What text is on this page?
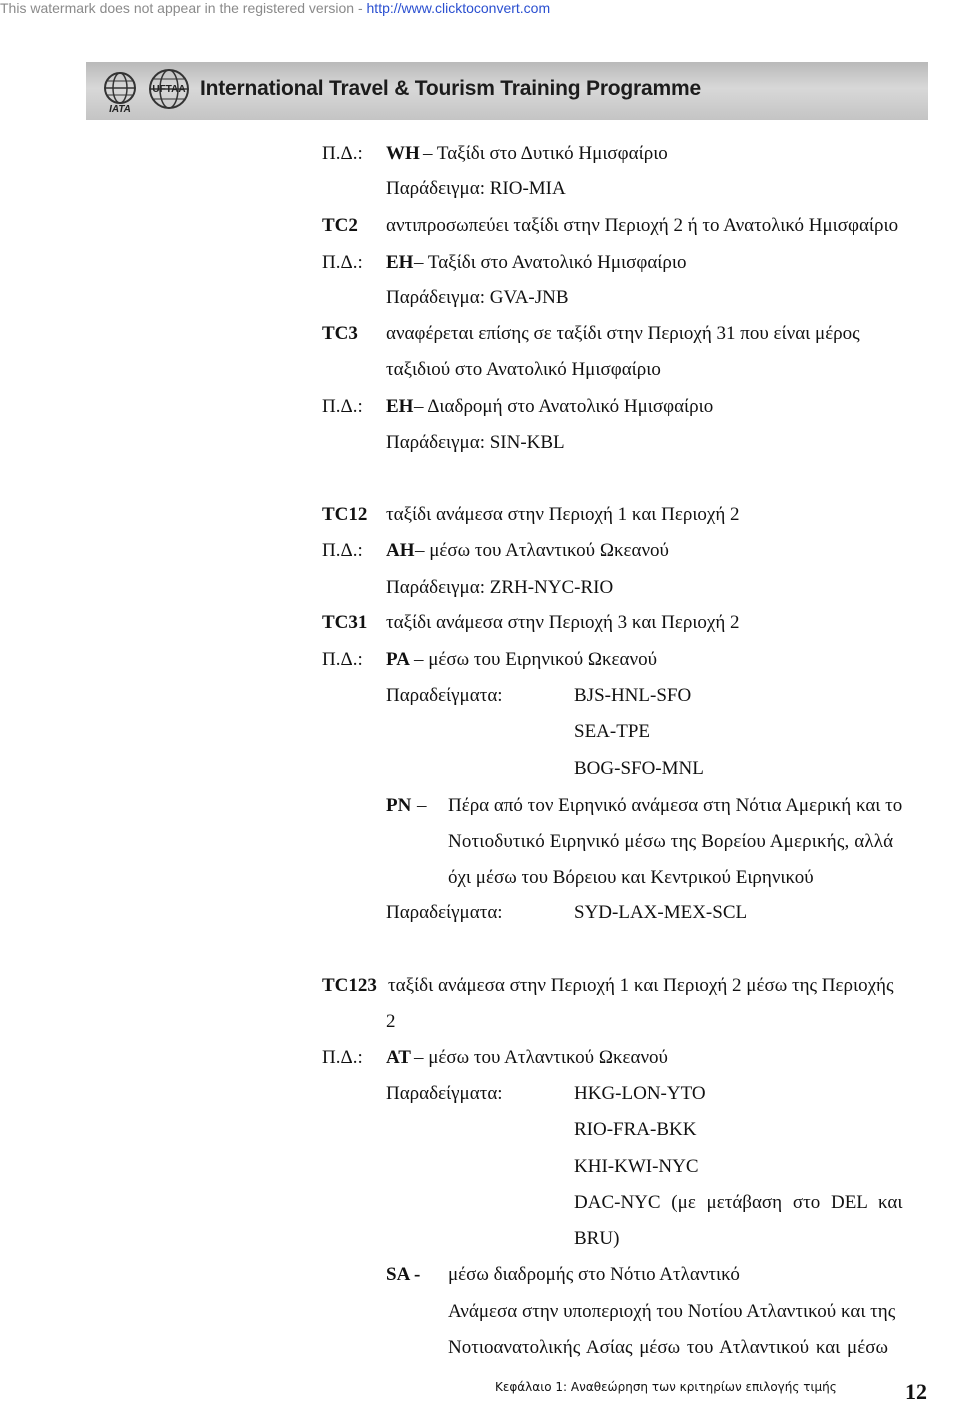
This watermark does not appear in the registered version - http://www.clicktoconvert.com
IATA
UFTAA International Travel & Tourism Training Programme
Π.Δ.: WH – Ταξίδι στο Δυτικό Ημισφαίριο
Παράδειγμα: RIO-MIA
TC2 αντιπροσωπεύει ταξίδι στην Περιοχή 2 ή το Ανατολικό Ημισφαίριο
Π.Δ.: EH – Ταξίδι στο Ανατολικό Ημισφαίριο
Παράδειγμα: GVA-JNB
TC3 αναφέρεται επίσης σε ταξίδι στην Περιοχή 31 που είναι μέρος
ταξιδιού στο Ανατολικό Ημισφαίριο
Π.Δ.: EH – Διαδρομή στο Ανατολικό Ημισφαίριο
Παράδειγμα: SIN-KBL
TC12 ταξίδι ανάμεσα στην Περιοχή 1 και Περιοχή 2
Π.Δ.: AH – μέσω του Ατλαντικού Ωκεανού
Παράδειγμα: ZRH-NYC-RIO
TC31 ταξίδι ανάμεσα στην Περιοχή 3 και Περιοχή 2
Π.Δ.: PA – μέσω του Ειρηνικού Ωκεανού
Παραδείγματα:	BJS-HNL-SFO
SEA-TPE
BOG-SFO-MNL
PN – Πέρα από τον Ειρηνικό ανάμεσα στη Νότια Αμερική και το
Νοτιοδυτικό Ειρηνικό μέσω της Βορείου Αμερικής, αλλά
όχι μέσω του Βόρειου και Κεντρικού Ειρηνικού
Παραδείγματα:	SYD-LAX-MEX-SCL
TC123 ταξίδι ανάμεσα στην Περιοχή 1 και Περιοχή 2 μέσω της Περιοχής
2
Π.Δ.: AT – μέσω του Ατλαντικού Ωκεανού
Παραδείγματα:	HKG-LON-YTO
RIO-FRA-BKK
KHI-KWI-NYC
DAC-NYC (με μετάβαση στο DEL και
BRU)
SA - μέσω διαδρομής στο Νότιο Ατλαντικό
Ανάμεσα στην υποπεριοχή του Νοτίου Ατλαντικού και της
Νοτιοανατολικής Ασίας μέσω του Ατλαντικού και μέσω
Κεφάλαιο 1: Αναθεώρηση των κριτηρίων επιλογής τιμής	12
